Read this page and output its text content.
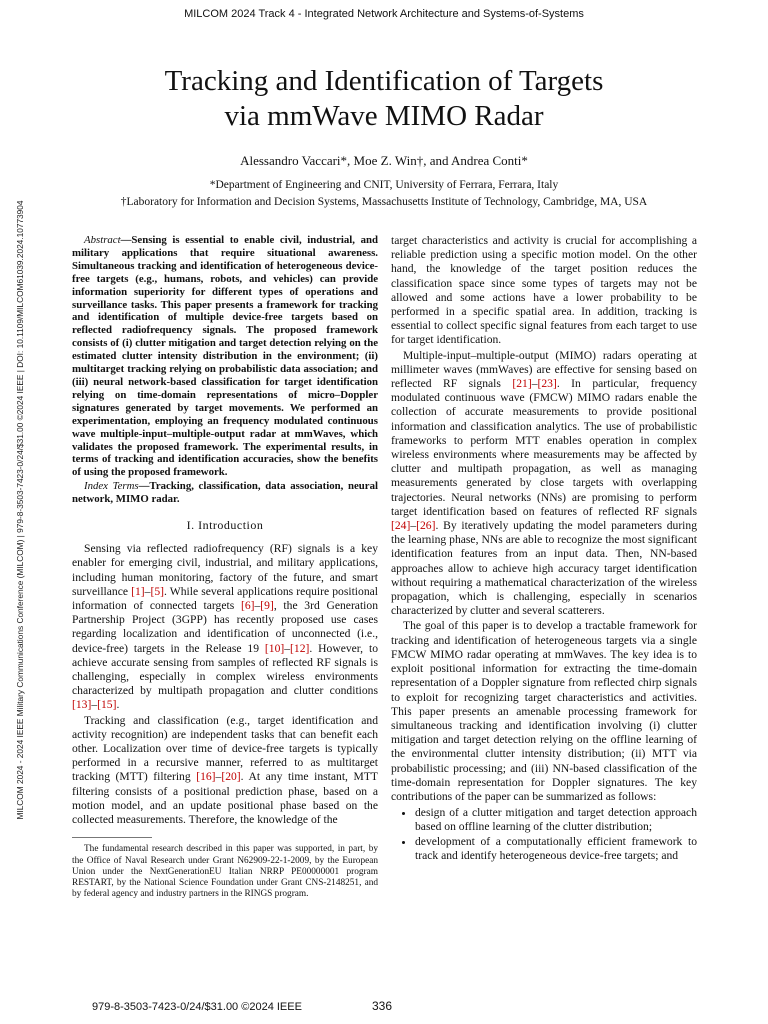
MILCOM 2024 Track 4 - Integrated Network Architecture and Systems-of-Systems
MILCOM 2024 - 2024 IEEE Military Communications Conference (MILCOM) | 979-8-3503-7423-0/24/$31.00 ©2024 IEEE | DOI: 10.1109/MILCOM61039.2024.10773904
Tracking and Identification of Targets
via mmWave MIMO Radar
Alessandro Vaccari*, Moe Z. Win†, and Andrea Conti*
*Department of Engineering and CNIT, University of Ferrara, Ferrara, Italy
†Laboratory for Information and Decision Systems, Massachusetts Institute of Technology, Cambridge, MA, USA

Abstract—Sensing is essential to enable civil, industrial, and military applications that require situational awareness. Simultaneous tracking and identification of heterogeneous device-free targets (e.g., humans, robots, and vehicles) can provide information superiority for different types of operations and surveillance tasks. This paper presents a framework for tracking and identification of multiple device-free targets based on reflected radiofrequency signals. The proposed framework consists of (i) clutter mitigation and target detection relying on the estimated clutter intensity distribution in the environment; (ii) multitarget tracking relying on probabilistic data association; and (iii) neural network-based classification for target identification relying on time-domain representations of micro–Doppler signatures generated by target movements. We performed an experimentation, employing an frequency modulated continuous wave multiple-input–multiple-output radar at mmWaves, which validates the proposed framework. The experimental results, in terms of tracking and identification accuracies, show the benefits of using the proposed framework.

Index Terms—Tracking, classification, data association, neural network, MIMO radar.

I. Introduction

Sensing via reflected radiofrequency (RF) signals is a key enabler for emerging civil, industrial, and military applications, including human monitoring, factory of the future, and smart surveillance [1]–[5]. While several applications require positional information of connected targets [6]–[9], the 3rd Generation Partnership Project (3GPP) has recently proposed use cases regarding localization and identification of unconnected (i.e., device-free) targets in the Release 19 [10]–[12]. However, to achieve accurate sensing from samples of reflected RF signals is challenging, especially in complex wireless environments characterized by multipath propagation and clutter conditions [13]–[15].

Tracking and classification (e.g., target identification and activity recognition) are independent tasks that can benefit each other. Localization over time of device-free targets is typically performed in a recursive manner, referred to as multitarget tracking (MTT) filtering [16]–[20]. At any time instant, MTT filtering consists of a positional prediction phase, based on a motion model, and an update positional phase based on the collected measurements. Therefore, the knowledge of the

The fundamental research described in this paper was supported, in part, by the Office of Naval Research under Grant N62909-22-1-2009, by the European Union under the NextGenerationEU Italian NRRP PE00000001 program RESTART, by the National Science Foundation under Grant CNS-2148251, and by federal agency and industry partners in the RINGS program.

target characteristics and activity is crucial for accomplishing a reliable prediction using a specific motion model. On the other hand, the knowledge of the target position reduces the classification space since some types of targets may not be allowed and some actions have a lower probability to be performed in a specific spatial area. In addition, tracking is essential to collect specific signal features from each target to use for target identification.

Multiple-input–multiple-output (MIMO) radars operating at millimeter waves (mmWaves) are effective for sensing based on reflected RF signals [21]–[23]. In particular, frequency modulated continuous wave (FMCW) MIMO radars enable the collection of accurate measurements to provide positional information and classification analytics. The use of probabilistic frameworks to perform MTT enables operation in complex wireless environments where measurements may be affected by clutter and multipath propagation, as well as managing measurements generated by close targets with overlapping trajectories. Neural networks (NNs) are promising to perform target identification based on features of reflected RF signals [24]–[26]. By iteratively updating the model parameters during the learning phase, NNs are able to recognize the most significant identification features from an input data. Then, NN-based approaches allow to achieve high accuracy target identification without requiring a mathematical characterization of the wireless propagation, which is challenging, especially in scenarios characterized by clutter and several scatterers.

The goal of this paper is to develop a tractable framework for tracking and identification of heterogeneous targets via a single FMCW MIMO radar operating at mmWaves. The key idea is to exploit positional information for extracting the time-domain representation of a Doppler signature from reflected chirp signals to exploit for recognizing target characteristics and activities. This paper presents an amenable processing framework for simultaneous tracking and identification involving (i) clutter mitigation and target detection relying on the offline learning of the environmental clutter intensity distribution; (ii) MTT via probabilistic processing; and (iii) NN-based classification of the time-domain representation for Doppler signatures. The key contributions of the paper can be summarized as follows:

• design of a clutter mitigation and target detection approach based on offline learning of the clutter distribution;
• development of a computationally efficient framework to track and identify heterogeneous device-free targets; and
979-8-3503-7423-0/24/$31.00 ©2024 IEEE	336
